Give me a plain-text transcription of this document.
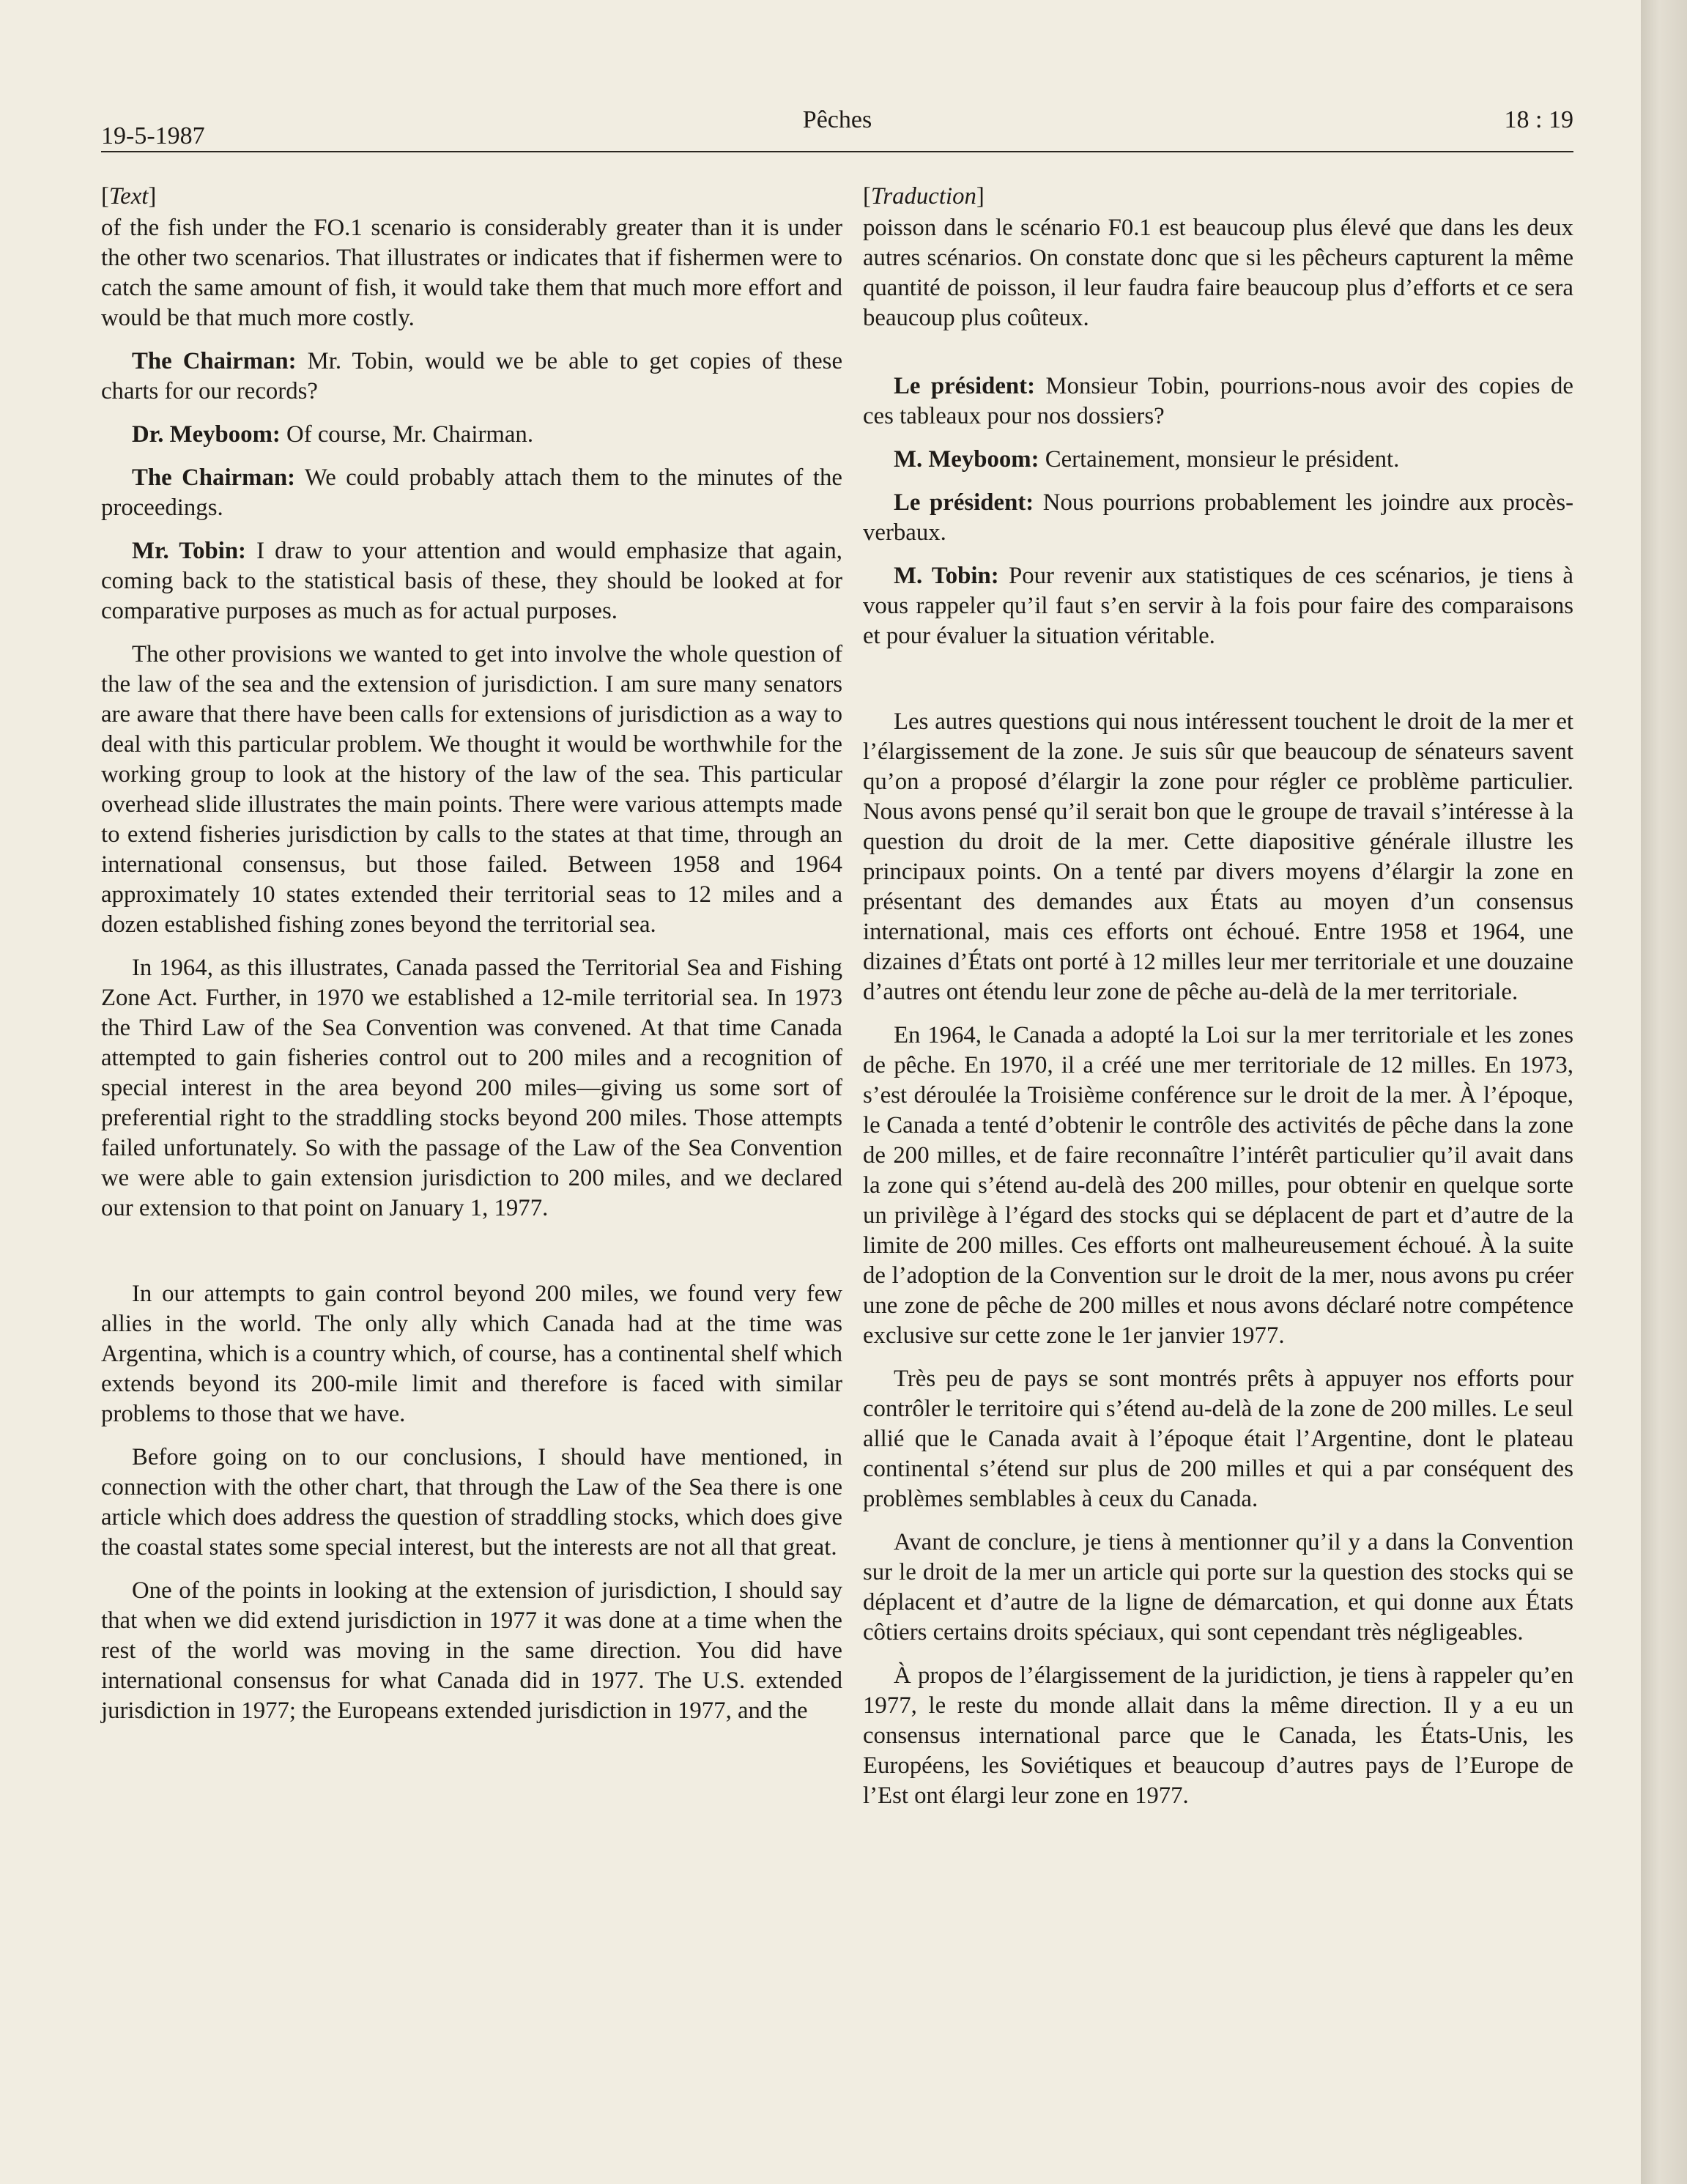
19-5-1987
Pêches	18 : 19

[Text]

of the fish under the FO.1 scenario is considerably greater than it is under the other two scenarios. That illustrates or indicates that if fishermen were to catch the same amount of fish, it would take them that much more effort and would be that much more costly.

The Chairman: Mr. Tobin, would we be able to get copies of these charts for our records?

Dr. Meyboom: Of course, Mr. Chairman.

The Chairman: We could probably attach them to the minutes of the proceedings.

Mr. Tobin: I draw to your attention and would emphasize that again, coming back to the statistical basis of these, they should be looked at for comparative purposes as much as for actual purposes.

The other provisions we wanted to get into involve the whole question of the law of the sea and the extension of jurisdiction. I am sure many senators are aware that there have been calls for extensions of jurisdiction as a way to deal with this particular problem. We thought it would be worthwhile for the working group to look at the history of the law of the sea. This particular overhead slide illustrates the main points. There were various attempts made to extend fisheries jurisdiction by calls to the states at that time, through an international consensus, but those failed. Between 1958 and 1964 approximately 10 states extended their territorial seas to 12 miles and a dozen established fishing zones beyond the territorial sea.

In 1964, as this illustrates, Canada passed the Territorial Sea and Fishing Zone Act. Further, in 1970 we established a 12-mile territorial sea. In 1973 the Third Law of the Sea Convention was convened. At that time Canada attempted to gain fisheries control out to 200 miles and a recognition of special interest in the area beyond 200 miles—giving us some sort of preferential right to the straddling stocks beyond 200 miles. Those attempts failed unfortunately. So with the passage of the Law of the Sea Convention we were able to gain extension jurisdiction to 200 miles, and we declared our extension to that point on January 1, 1977.

In our attempts to gain control beyond 200 miles, we found very few allies in the world. The only ally which Canada had at the time was Argentina, which is a country which, of course, has a continental shelf which extends beyond its 200-mile limit and therefore is faced with similar problems to those that we have.

Before going on to our conclusions, I should have mentioned, in connection with the other chart, that through the Law of the Sea there is one article which does address the question of straddling stocks, which does give the coastal states some special interest, but the interests are not all that great.

One of the points in looking at the extension of jurisdiction, I should say that when we did extend jurisdiction in 1977 it was done at a time when the rest of the world was moving in the same direction. You did have international consensus for what Canada did in 1977. The U.S. extended jurisdiction in 1977; the Europeans extended jurisdiction in 1977, and the

[Traduction]

poisson dans le scénario F0.1 est beaucoup plus élevé que dans les deux autres scénarios. On constate donc que si les pêcheurs capturent la même quantité de poisson, il leur faudra faire beaucoup plus d’efforts et ce sera beaucoup plus coûteux.

Le président: Monsieur Tobin, pourrions-nous avoir des copies de ces tableaux pour nos dossiers?

M. Meyboom: Certainement, monsieur le président.

Le président: Nous pourrions probablement les joindre aux procès-verbaux.

M. Tobin: Pour revenir aux statistiques de ces scénarios, je tiens à vous rappeler qu’il faut s’en servir à la fois pour faire des comparaisons et pour évaluer la situation véritable.

Les autres questions qui nous intéressent touchent le droit de la mer et l’élargissement de la zone. Je suis sûr que beaucoup de sénateurs savent qu’on a proposé d’élargir la zone pour régler ce problème particulier. Nous avons pensé qu’il serait bon que le groupe de travail s’intéresse à la question du droit de la mer. Cette diapositive générale illustre les principaux points. On a tenté par divers moyens d’élargir la zone en présentant des demandes aux États au moyen d’un consensus international, mais ces efforts ont échoué. Entre 1958 et 1964, une dizaines d’États ont porté à 12 milles leur mer territoriale et une douzaine d’autres ont étendu leur zone de pêche au-delà de la mer territoriale.

En 1964, le Canada a adopté la Loi sur la mer territoriale et les zones de pêche. En 1970, il a créé une mer territoriale de 12 milles. En 1973, s’est déroulée la Troisième conférence sur le droit de la mer. À l’époque, le Canada a tenté d’obtenir le contrôle des activités de pêche dans la zone de 200 milles, et de faire reconnaître l’intérêt particulier qu’il avait dans la zone qui s’étend au-delà des 200 milles, pour obtenir en quelque sorte un privilège à l’égard des stocks qui se déplacent de part et d’autre de la limite de 200 milles. Ces efforts ont malheureusement échoué. À la suite de l’adoption de la Convention sur le droit de la mer, nous avons pu créer une zone de pêche de 200 milles et nous avons déclaré notre compétence exclusive sur cette zone le 1er janvier 1977.

Très peu de pays se sont montrés prêts à appuyer nos efforts pour contrôler le territoire qui s’étend au-delà de la zone de 200 milles. Le seul allié que le Canada avait à l’époque était l’Argentine, dont le plateau continental s’étend sur plus de 200 milles et qui a par conséquent des problèmes semblables à ceux du Canada.

Avant de conclure, je tiens à mentionner qu’il y a dans la Convention sur le droit de la mer un article qui porte sur la question des stocks qui se déplacent et d’autre de la ligne de démarcation, et qui donne aux États côtiers certains droits spéciaux, qui sont cependant très négligeables.

À propos de l’élargissement de la juridiction, je tiens à rappeler qu’en 1977, le reste du monde allait dans la même direction. Il y a eu un consensus international parce que le Canada, les États-Unis, les Européens, les Soviétiques et beaucoup d’autres pays de l’Europe de l’Est ont élargi leur zone en 1977.
